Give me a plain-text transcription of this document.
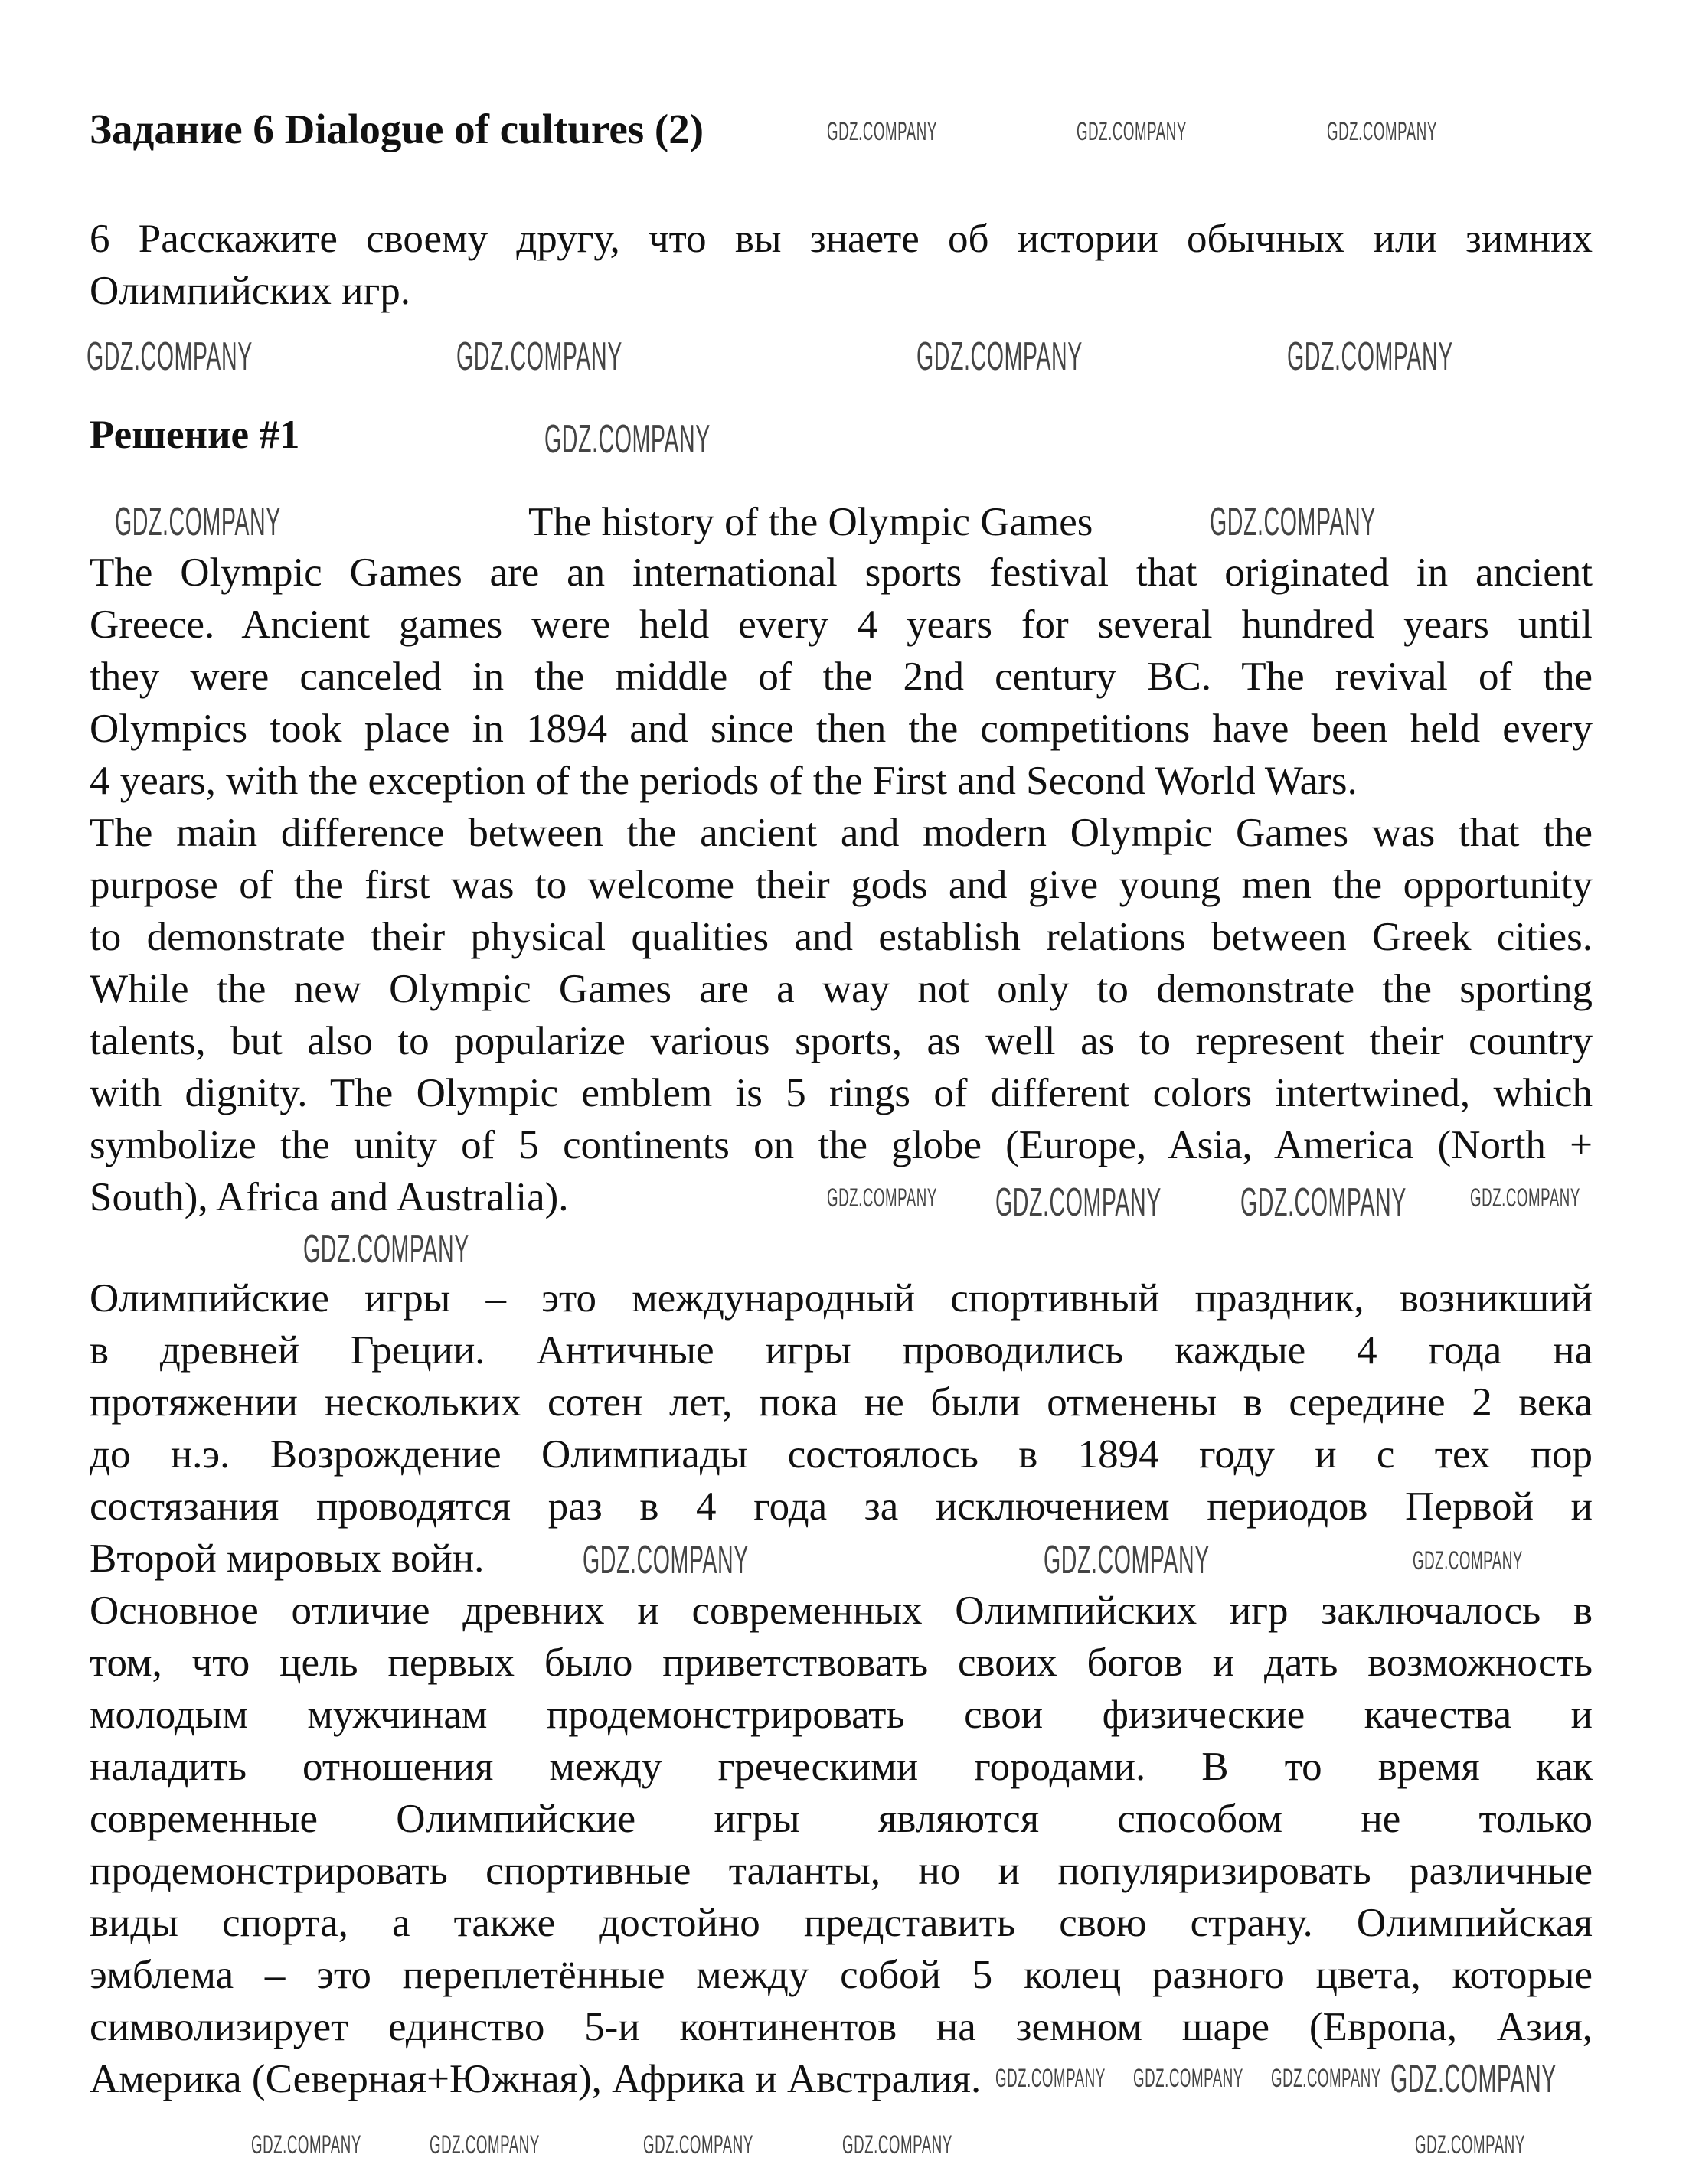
Задание 6 Dialogue of cultures (2)
6 Расскажите своему другу, что вы знаете об истории обычных или зимних
Олимпийских игр.
Решение #1
The history of the Olympic Games
The Olympic Games are an international sports festival that originated in ancient
Greece. Ancient games were held every 4 years for several hundred years until
they were canceled in the middle of the 2nd century BC. The revival of the
Olympics took place in 1894 and since then the competitions have been held every
4 years, with the exception of the periods of the First and Second World Wars.
The main difference between the ancient and modern Olympic Games was that the
purpose of the first was to welcome their gods and give young men the opportunity
to demonstrate their physical qualities and establish relations between Greek cities.
While the new Olympic Games are a way not only to demonstrate the sporting
talents, but also to popularize various sports, as well as to represent their country
with dignity. The Olympic emblem is 5 rings of different colors intertwined, which
symbolize the unity of 5 continents on the globe (Europe, Asia, America (North +
South), Africa and Australia).
Олимпийские игры – это международный спортивный праздник, возникший
в древней Греции. Античные игры проводились каждые 4 года на
протяжении нескольких сотен лет, пока не были отменены в середине 2 века
до н.э. Возрождение Олимпиады состоялось в 1894 году и с тех пор
состязания проводятся раз в 4 года за исключением периодов Первой и
Второй мировых войн.
Основное отличие древних и современных Олимпийских игр заключалось в
том, что цель первых было приветствовать своих богов и дать возможность
молодым мужчинам продемонстрировать свои физические качества и
наладить отношения между греческими городами. В то время как
современные Олимпийские игры являются способом не только
продемонстрировать спортивные таланты, но и популяризировать различные
виды спорта, а также достойно представить свою страну. Олимпийская
эмблема – это переплетённые между собой 5 колец разного цвета, которые
символизирует единство 5-и континентов на земном шаре (Европа, Азия,
Америка (Северная+Южная), Африка и Австралия.
GDZ.COMPANY	GDZ.COMPANY	GDZ.COMPANY
GDZ.COMPANY
GDZ.COMPANY	GDZ.COMPANY	GDZ.COMPANY
GDZ.COMPANY
GDZ.COMPANY	GDZ.COMPANY
GDZ.COMPANY	GDZ.COMPANY
GDZ.COMPANY	GDZ.COMPANY
GDZ.COMPANY GDZ.COMPANY
GDZ.COMPANY
GDZ.COMPANY
GDZ.COMPANY
GDZ.COMPANY	GDZ.COMPANY
GDZ.COMPANY
GDZ.COMPANY GDZ.COMPANY GDZ.COMPANY
GDZ.COMPANY
GDZ.COMPANY
